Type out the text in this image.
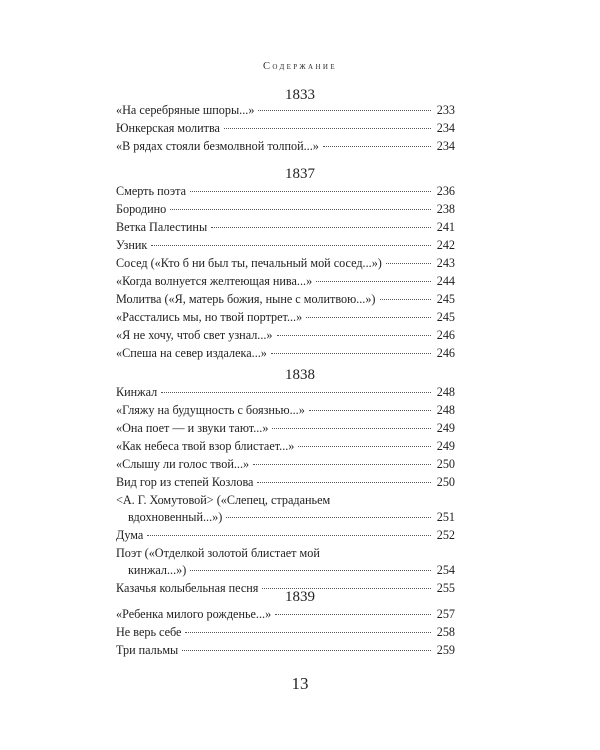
Содержание
1833
«На серебряные шпоры...»	233
Юнкерская молитва	234
«В рядах стояли безмолвной толпой...»	234
1837
Смерть поэта	236
Бородино	238
Ветка Палестины	241
Узник	242
Сосед («Кто б ни был ты, печальный мой сосед...»)	243
«Когда волнуется желтеющая нива...»	244
Молитва («Я, матерь божия, ныне с молитвою...»)	245
«Расстались мы, но твой портрет...»	245
«Я не хочу, чтоб свет узнал...»	246
«Спеша на север издалека...»	246
1838
Кинжал	248
«Гляжу на будущность с боязнью...»	248
«Она поет — и звуки тают...»	249
«Как небеса твой взор блистает...»	249
«Слышу ли голос твой...»	250
Вид гор из степей Козлова	250
<А. Г. Хомутовой> («Слепец, страданьем
вдохновенный...»)	251
Дума	252
Поэт («Отделкой золотой блистает мой
кинжал...»)	254
Казачья колыбельная песня	255
1839
«Ребенка милого рожденье...»	257
Не верь себе	258
Три пальмы	259
13
